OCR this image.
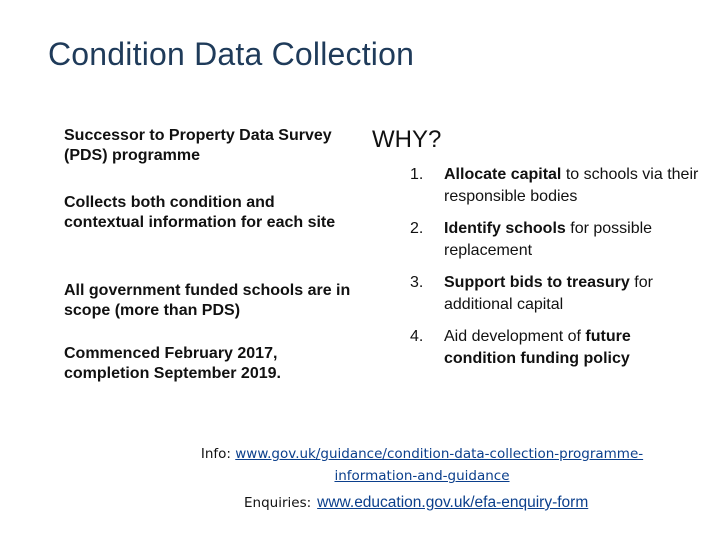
Condition Data Collection
Successor to Property Data Survey (PDS) programme
Collects both condition and contextual information for each site
All government funded schools are in scope (more than PDS)
Commenced February 2017, completion September 2019.
WHY?
1. Allocate capital to schools via their responsible bodies
2. Identify schools for possible replacement
3. Support bids to treasury for additional capital
4. Aid development of future condition funding policy
Info: www.gov.uk/guidance/condition-data-collection-programme-information-and-guidance
Enquiries: www.education.gov.uk/efa-enquiry-form
